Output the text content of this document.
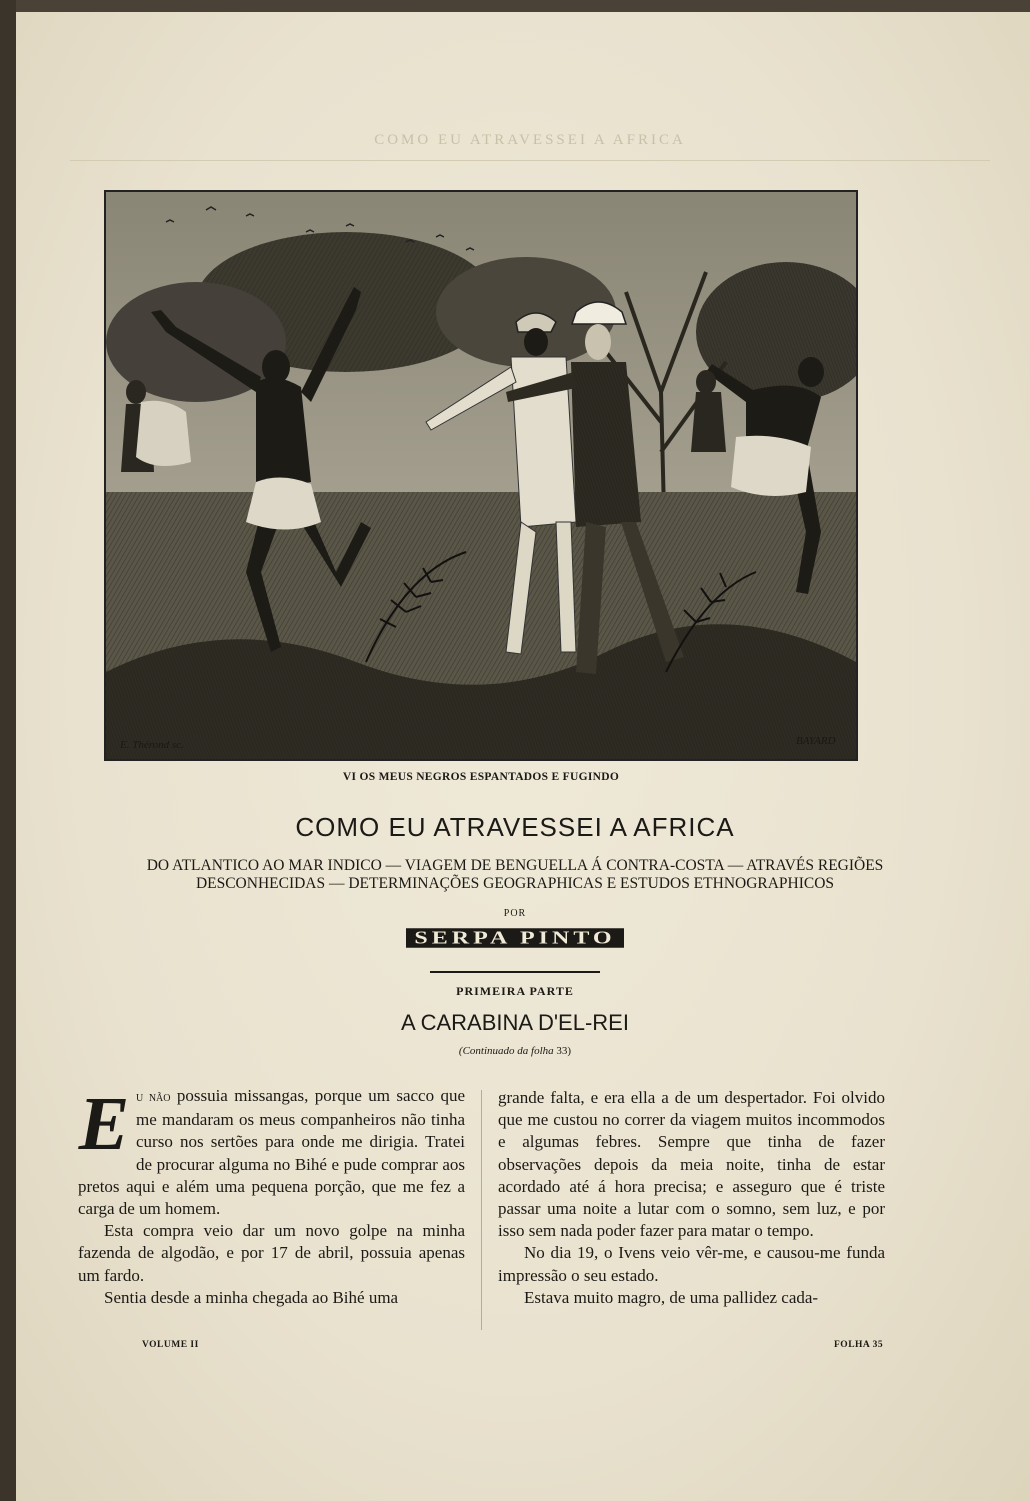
COMO EU ATRAVESSEI A AFRICA
E. Thérond sc.	BAYARD
VI OS MEUS NEGROS ESPANTADOS E FUGINDO
COMO EU ATRAVESSEI A AFRICA
DO ATLANTICO AO MAR INDICO — VIAGEM DE BENGUELLA Á CONTRA-COSTA — ATRAVÉS REGIÕES
DESCONHECIDAS — DETERMINAÇÕES GEOGRAPHICAS E ESTUDOS ETHNOGRAPHICOS
POR
SERPA PINTO
PRIMEIRA PARTE
A CARABINA D'EL-REI
(Continuado da folha 33)

Eu não possuia missangas, porque um sacco que me mandaram os meus companheiros não tinha curso nos sertões para onde me dirigia. Tratei de procurar alguma no Bihé e pude comprar aos pretos aqui e além uma pequena porção, que me fez a carga de um homem.

Esta compra veio dar um novo golpe na minha fazenda de algodão, e por 17 de abril, possuia apenas um fardo.

Sentia desde a minha chegada ao Bihé uma

grande falta, e era ella a de um despertador. Foi olvido que me custou no correr da viagem muitos incommodos e algumas febres. Sempre que tinha de fazer observações depois da meia noite, tinha de estar acordado até á hora precisa; e asseguro que é triste passar uma noite a lutar com o somno, sem luz, e por isso sem nada poder fazer para matar o tempo.

No dia 19, o Ivens veio vêr-me, e causou-me funda impressão o seu estado.

Estava muito magro, de uma pallidez cada-

VOLUME II	FOLHA 35
